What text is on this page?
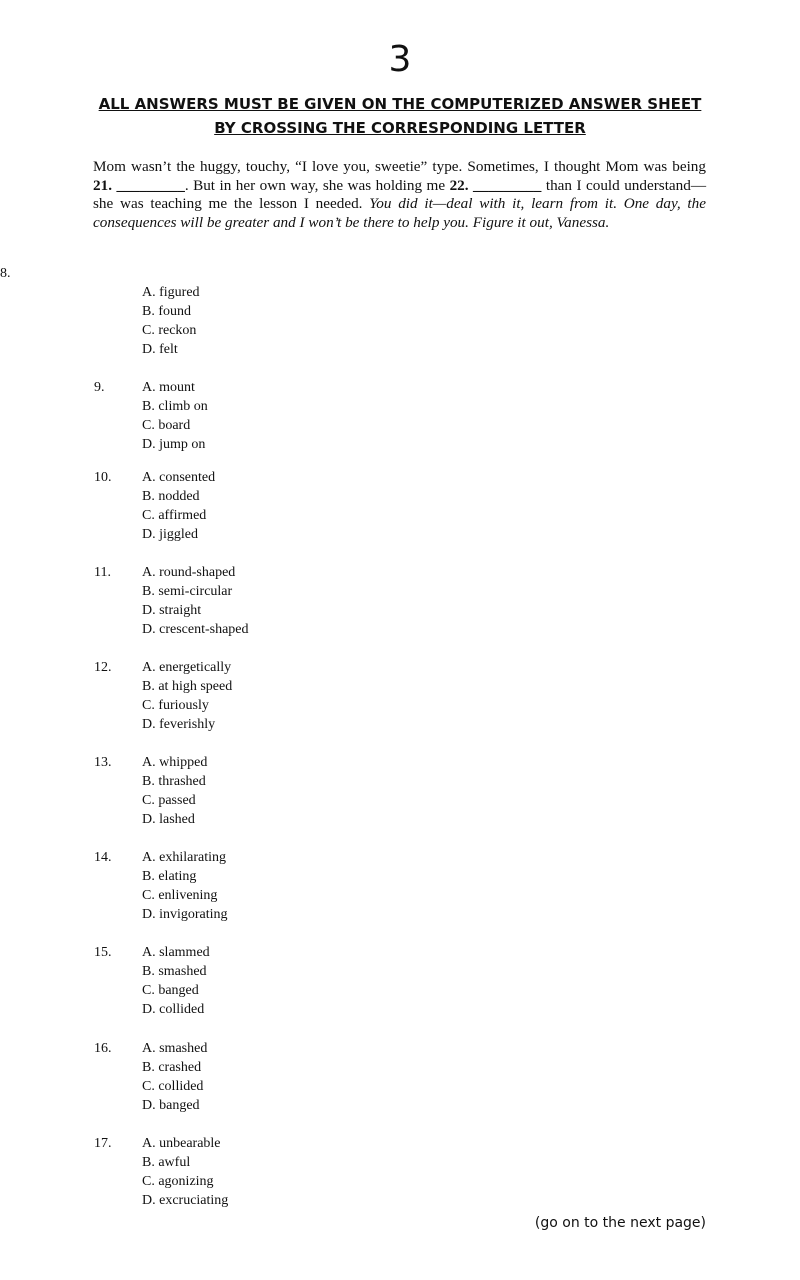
3
ALL ANSWERS MUST BE GIVEN ON THE COMPUTERIZED ANSWER SHEET
BY CROSSING THE CORRESPONDING LETTER
Mom wasn’t the huggy, touchy, “I love you, sweetie” type. Sometimes, I thought Mom was being 21. _________. But in her own way, she was holding me 22. _________ than I could understand—she was teaching me the lesson I needed. You did it—deal with it, learn from it. One day, the consequences will be greater and I won’t be there to help you. Figure it out, Vanessa.
8.
A. figured
B. found
C. reckon
D. felt
9.	A. mount
B. climb on
C. board
D. jump on
10. A. consented
B. nodded
C. affirmed
D. jiggled
11. A. round-shaped
B. semi-circular
D. straight
D. crescent-shaped
12. A. energetically
B. at high speed
C. furiously
D. feverishly
13. A. whipped
B. thrashed
C. passed
D. lashed
14. A. exhilarating
B. elating
C. enlivening
D. invigorating
15. A. slammed
B. smashed
C. banged
D. collided
16. A. smashed
B. crashed
C. collided
D. banged
17. A. unbearable
B. awful
C. agonizing
D. excruciating
(go on to the next page)
